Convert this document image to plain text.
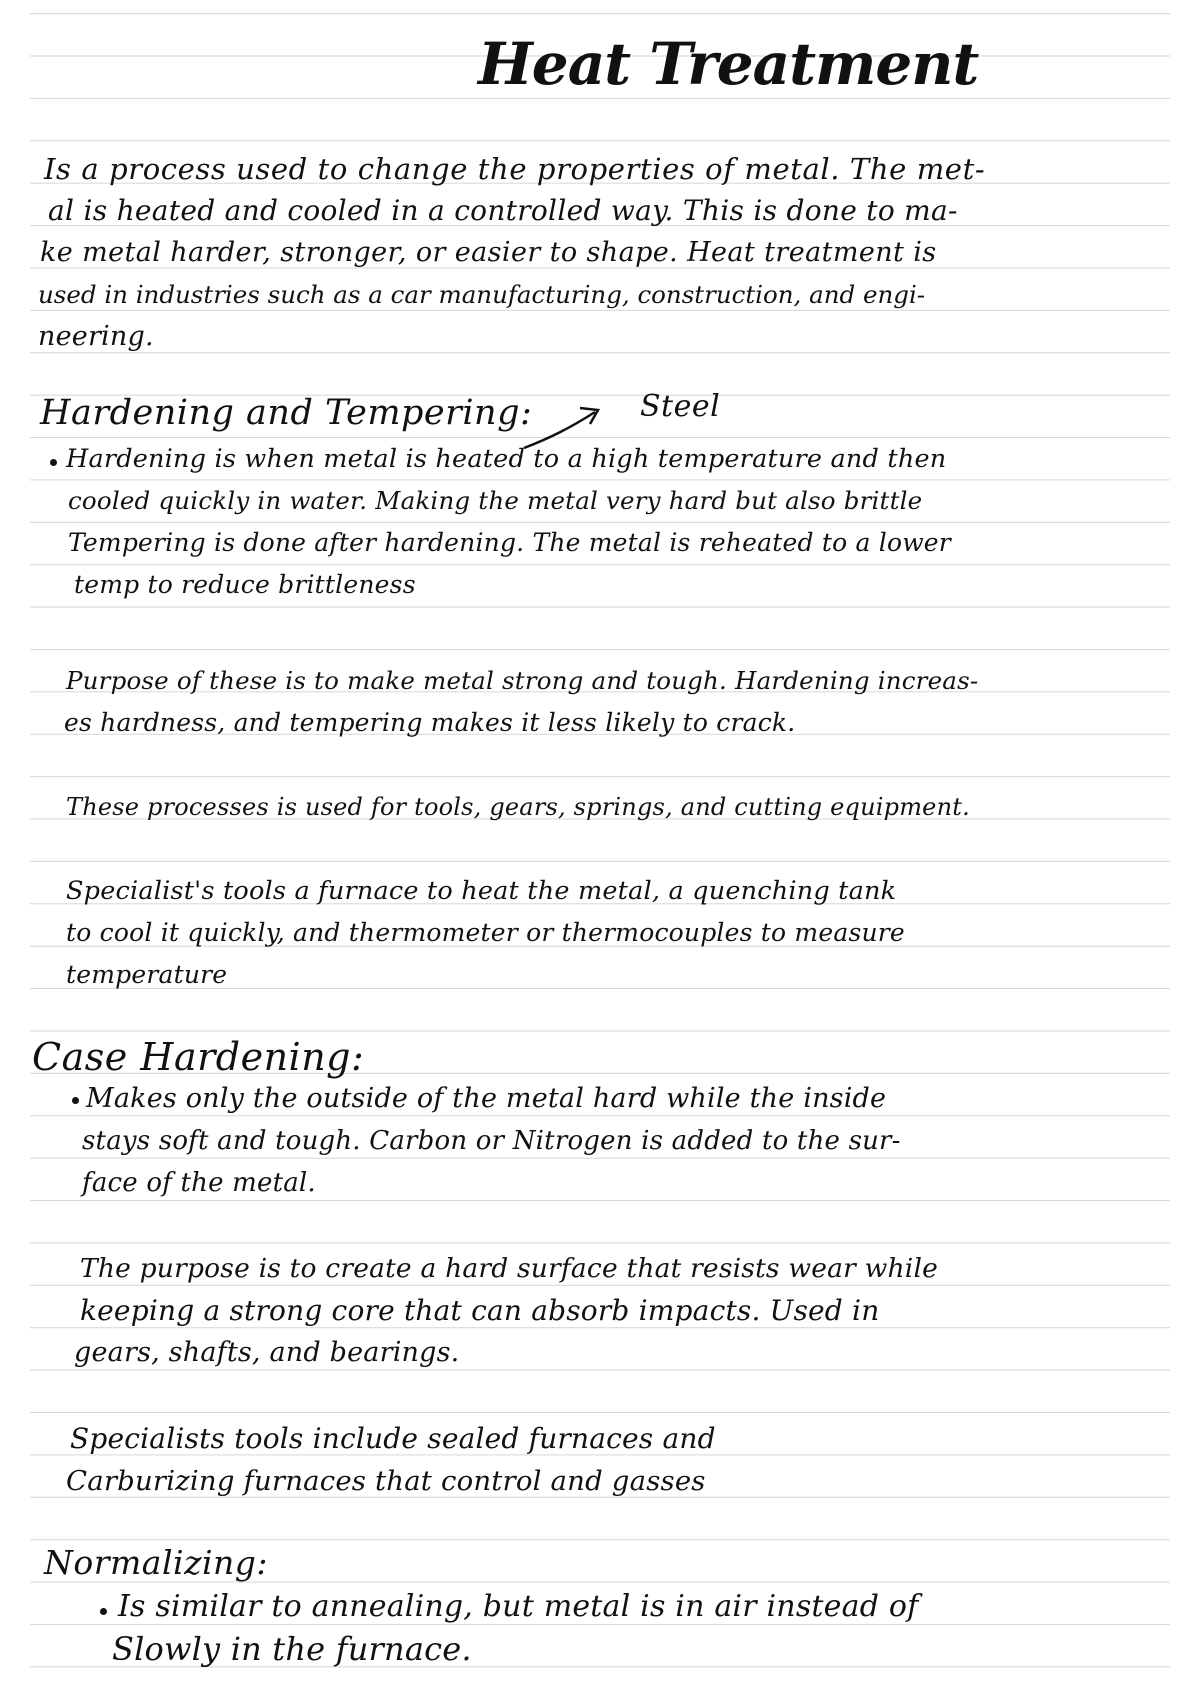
Heat Treatment
Is a process used to change the properties of metal. The met-
al is heated and cooled in a controlled way. This is done to ma-
ke metal harder, stronger, or easier to shape. Heat treatment is
used in industries such as a car manufacturing, construction, and engi-
neering.
Hardening and Tempering:	Steel
Hardening is when metal is heated to a high temperature and then
cooled quickly in water. Making the metal very hard but also brittle
Tempering is done after hardening. The metal is reheated to a lower
temp to reduce brittleness
Purpose of these is to make metal strong and tough. Hardening increas-
es hardness, and tempering makes it less likely to crack.
These processes is used for tools, gears, springs, and cutting equipment.
Specialist's tools a furnace to heat the metal, a quenching tank
to cool it quickly, and thermometer or thermocouples to measure
temperature
Case Hardening:
Makes only the outside of the metal hard while the inside
stays soft and tough. Carbon or Nitrogen is added to the sur-
face of the metal.
The purpose is to create a hard surface that resists wear while
keeping a strong core that can absorb impacts. Used in
gears, shafts, and bearings.
Specialists tools include sealed furnaces and
Carburizing furnaces that control and gasses
Normalizing:
Is similar to annealing, but metal is in air instead of
Slowly in the furnace.
